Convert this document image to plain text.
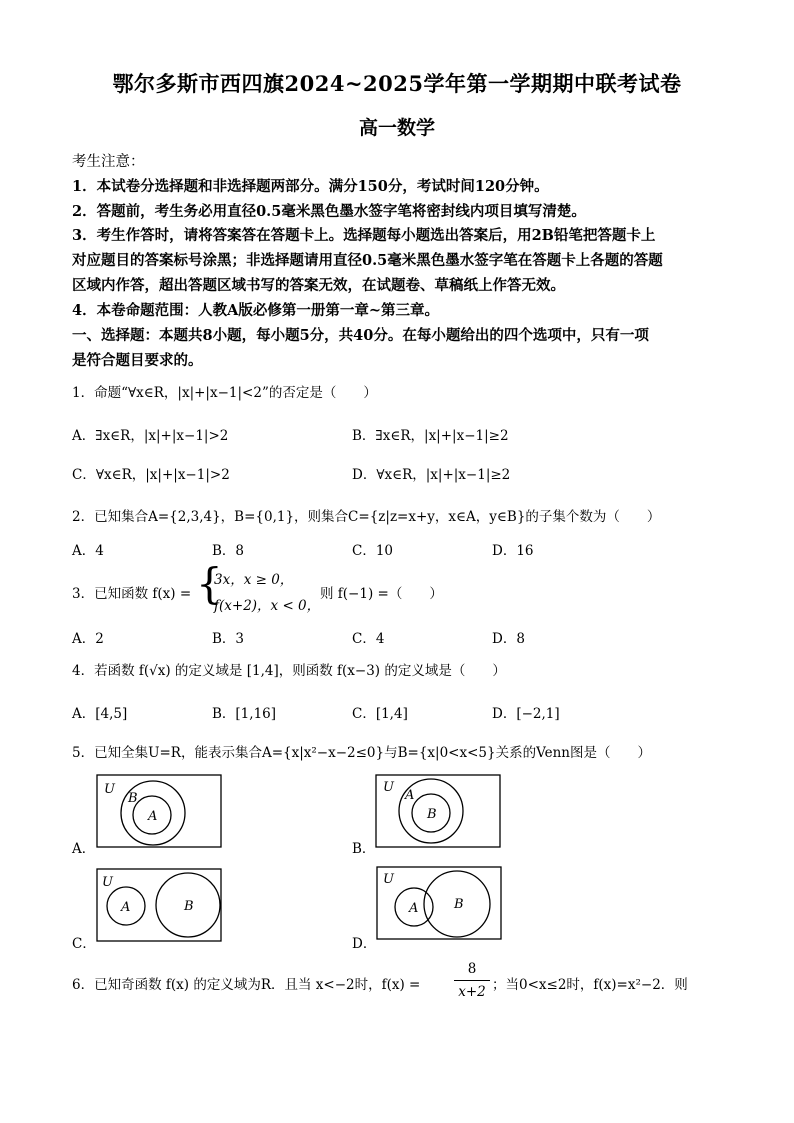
鄂尔多斯市西四旗2024~2025学年第一学期期中联考试卷
高一数学
考生注意：
1．本试卷分选择题和非选择题两部分。满分150分，考试时间120分钟。
2．答题前，考生务必用直径0.5毫米黑色墨水签字笔将密封线内项目填写清楚。
3．考生作答时，请将答案答在答题卡上。选择题每小题选出答案后，用2B铅笔把答题卡上
对应题目的答案标号涂黑；非选择题请用直径0.5毫米黑色墨水签字笔在答题卡上各题的答题
区域内作答，超出答题区域书写的答案无效，在试题卷、草稿纸上作答无效。
4．本卷命题范围：人教A版必修第一册第一章~第三章。
一、选择题：本题共8小题，每小题5分，共40分。在每小题给出的四个选项中，只有一项
是符合题目要求的。
1．命题“∀x∈R，|x|+|x−1|<2”的否定是（　　）
A．∃x∈R，|x|+|x−1|>2	B．∃x∈R，|x|+|x−1|≥2
C．∀x∈R，|x|+|x−1|>2	D．∀x∈R，|x|+|x−1|≥2
2．已知集合A={2,3,4}，B={0,1}，则集合C={z|z=x+y，x∈A，y∈B}的子集个数为（　　）
A．4	B．8	C．10	D．16
3．已知函数 f(x) = {
3x，x ≥ 0，
f(x+2)，x < 0，
则 f(−1) =（　　）
A．2	B．3	C．4	D．8
4．若函数 f(√x) 的定义域是 [1,4]，则函数 f(x−3) 的定义域是（　　）
A．[4,5]	B．[1,16]	C．[1,4]	D．[−2,1]
5．已知全集U=R，能表示集合A={x|x²−x−2≤0}与B={x|0<x<5}关系的Venn图是（　　）
A．
U
B
A
B．
U
A
B
C．
U
A	B
D．
U
A	B
6．已知奇函数 f(x) 的定义域为R．且当 x<−2时，f(x) =
8
x+2 ；当0<x≤2时，f(x)=x²−2．则
